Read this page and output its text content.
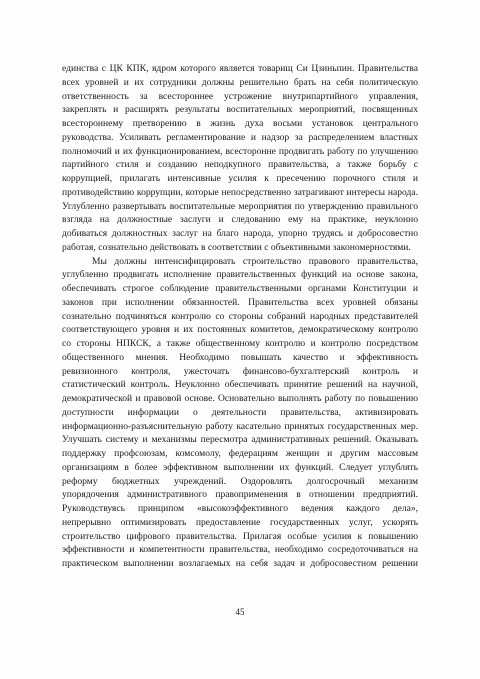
единства с ЦК КПК, ядром которого является товарищ Си Цзиньпин. Правительства
всех уровней и их сотрудники должны решительно брать на себя политическую
ответственность за всестороннее устрожение внутрипартийного управления,
закреплять и расширять результаты воспитательных мероприятий, посвященных
всестороннему претворению в жизнь духа восьми установок центрального
руководства. Усиливать регламентирование и надзор за распределением властных
полномочий и их функционированием, всесторонне продвигать работу по улучшению
партийного стиля и созданию неподкупного правительства, а также борьбу с
коррупцией, прилагать интенсивные усилия к пресечению порочного стиля и
противодействию коррупции, которые непосредственно затрагивают интересы народа.
Углубленно развертывать воспитательные мероприятия по утверждению правильного
взгляда на должностные заслуги и следованию ему на практике, неуклонно
добиваться должностных заслуг на благо народа, упорно трудясь и добросовестно
работая, сознательно действовать в соответствии с объективными закономерностями.
Мы должны интенсифицировать строительство правового правительства,
углубленно продвигать исполнение правительственных функций на основе закона,
обеспечивать строгое соблюдение правительственными органами Конституции и
законов при исполнении обязанностей. Правительства всех уровней обязаны
сознательно подчиняться контролю со стороны собраний народных представителей
соответствующего уровня и их постоянных комитетов, демократическому контролю
со стороны НПКСК, а также общественному контролю и контролю посредством
общественного мнения. Необходимо повышать качество и эффективность
ревизионного контроля, ужесточать финансово-бухгалтерский контроль и
статистический контроль. Неуклонно обеспечивать принятие решений на научной,
демократической и правовой основе. Основательно выполнять работу по повышению
доступности информации о деятельности правительства, активизировать
информационно-разъяснительную работу касательно принятых государственных мер.
Улучшать систему и механизмы пересмотра административных решений. Оказывать
поддержку профсоюзам, комсомолу, федерациям женщин и другим массовым
организациям в более эффективном выполнении их функций. Следует углублять
реформу бюджетных учреждений. Оздоровлять долгосрочный механизм
упорядочения административного правоприменения в отношении предприятий.
Руководствуясь принципом «высокоэффективного ведения каждого дела»,
непрерывно оптимизировать предоставление государственных услуг, ускорять
строительство цифрового правительства. Прилагая особые усилия к повышению
эффективности и компетентности правительства, необходимо сосредоточиваться на
практическом выполнении возлагаемых на себя задач и добросовестном решении
45
